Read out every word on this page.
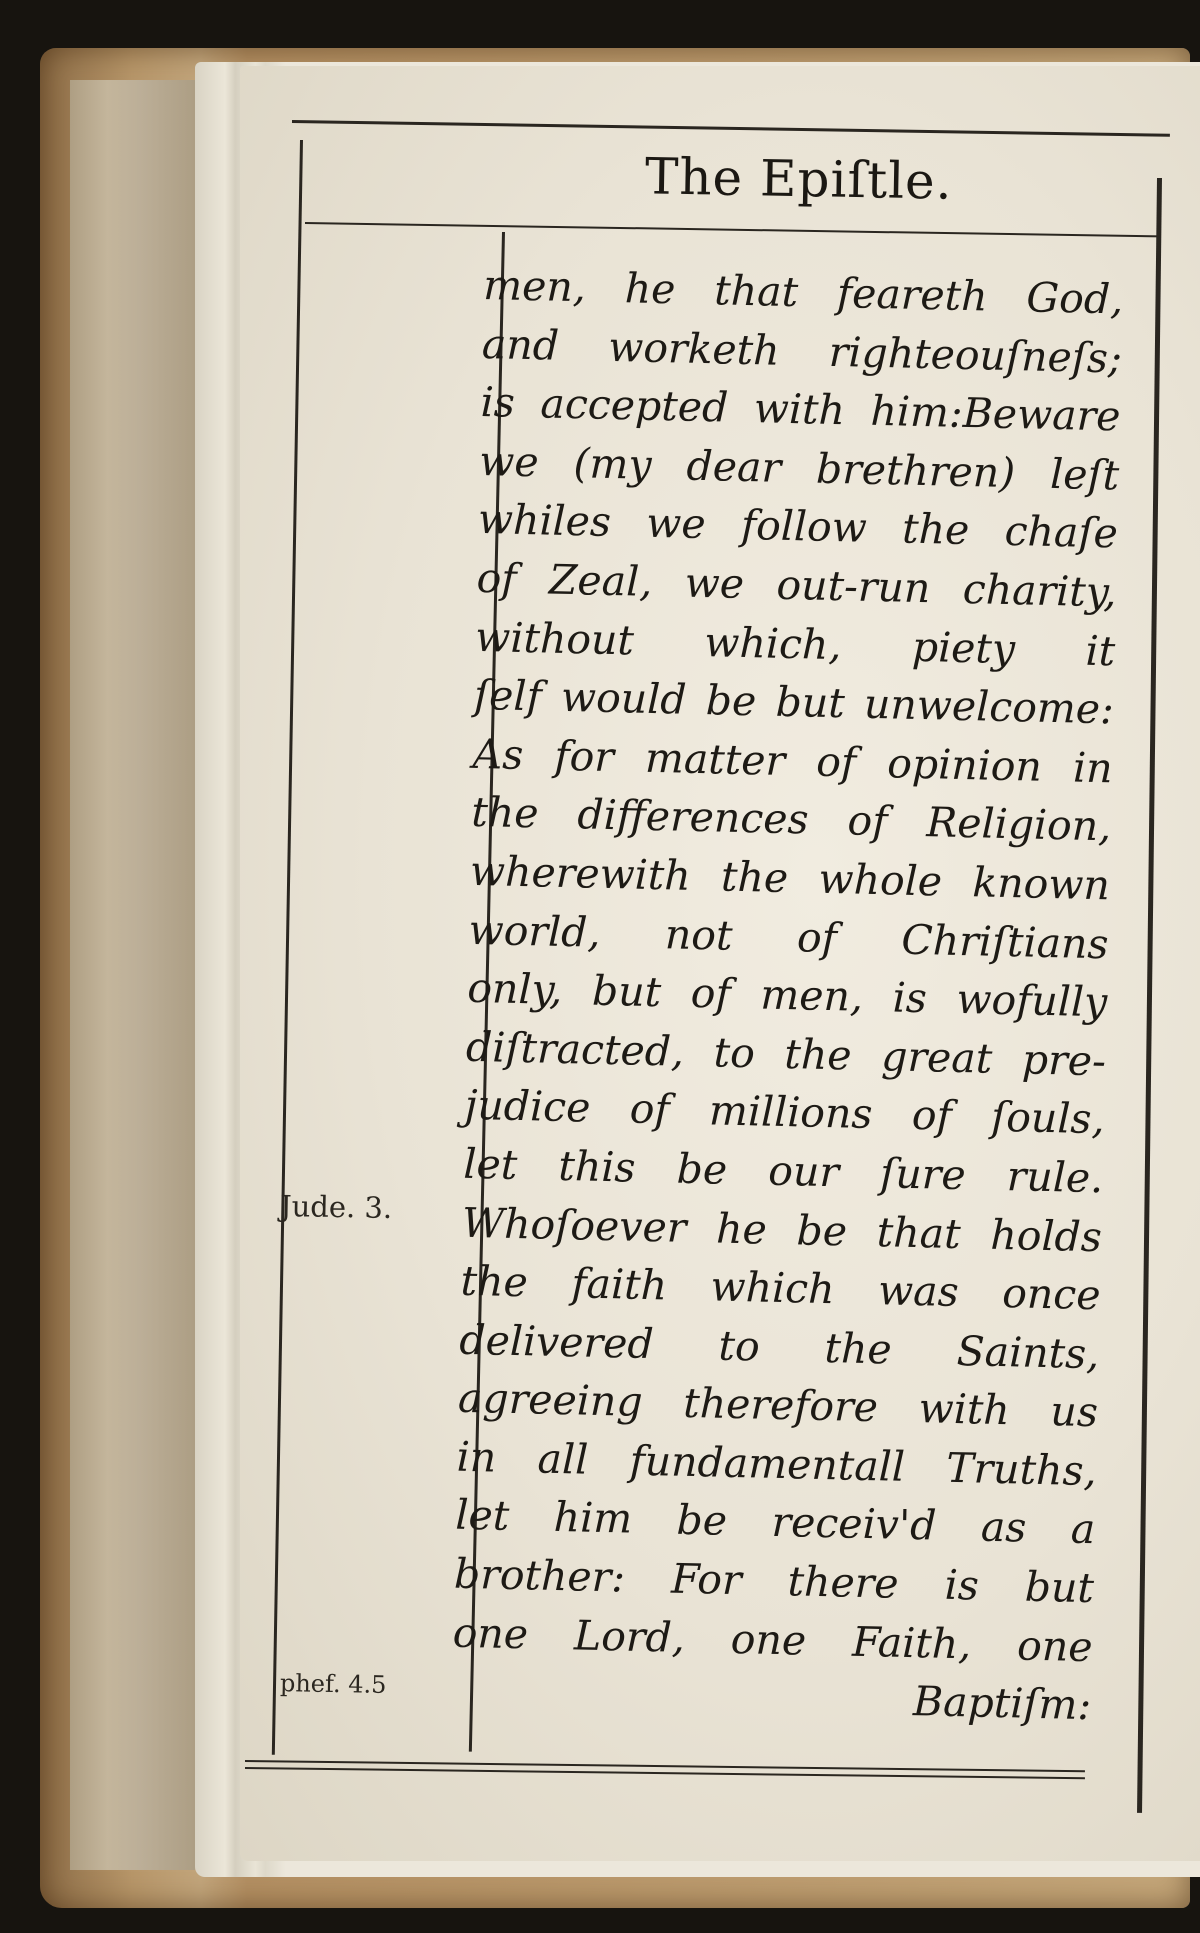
The Epiſtle.
Jude. 3.
phef. 4.5
men, he that feareth God,
and worketh righteouſneſs;
is accepted with him:Beware
we (my dear brethren) leſt
whiles we follow the chaſe
of Zeal, we out-run charity,
without which, piety it
ſelf would be but unwelcome:
As for matter of opinion in
the differences of Religion,
wherewith the whole known
world, not of Chriſtians
only, but of men, is wofully
diſtracted, to the great pre-
judice of millions of ſouls,
let this be our ſure rule.
Whoſoever he be that holds
the faith which was once
delivered to the Saints,
agreeing therefore with us
in all fundamentall Truths,
let him be receiv'd as a
brother: For there is but
one Lord, one Faith, one
Baptiſm:
